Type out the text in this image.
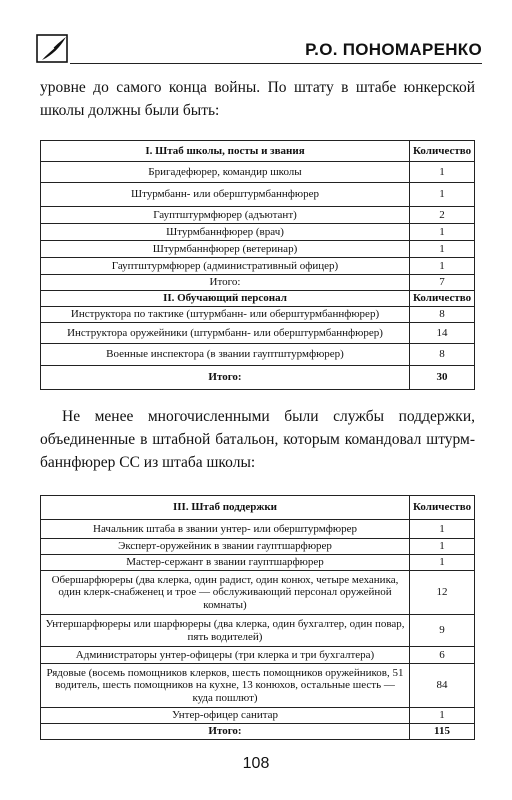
Р.О. ПОНОМАРЕНКО

уровне до самого конца войны. По штату в штабе юнкерской
школы должны были быть:

I. Штаб школы, посты и звания	Количество
Бригадефюрер, командир школы	1
Штурмбанн- или оберштурмбаннфюрер	1
Гауптштурмфюрер (адъютант)	2
Штурмбаннфюрер (врач)	1
Штурмбаннфюрер (ветеринар)	1
Гауптштурмфюрер (административный офицер)	1
Итого:	7
II. Обучающий персонал	Количество
Инструктора по тактике (штурмбанн- или оберштурмбаннфюрер)	8
Инструктора оружейники (штурмбанн- или оберштурмбаннфюрер)	14
Военные инспектора (в звании гауптштурмфюрер)	8
Итого:	30

Не менее многочисленными были службы поддержки,
объединенные в штабной батальон, которым командовал штурм-
баннфюрер СС из штаба школы:

III. Штаб поддержки	Количество
Начальник штаба в звании унтер- или оберштурмфюрер	1
Эксперт-оружейник в звании гауптшарфюрер	1
Мастер-сержант в звании гауптшарфюрер	1
Обершарфюреры (два клерка, один радист, один конюх, четыре механика, один клерк-снабженец и трое — обслуживающий персонал оружейной комнаты)	12
Унтершарфюреры или шарфюреры (два клерка, один бухгалтер, один повар, пять водителей)	9
Администраторы унтер-офицеры (три клерка и три бухгалтера)	6
Рядовые (восемь помощников клерков, шесть помощников оружейников, 51 водитель, шесть помощников на кухне, 13 конюхов, остальные шесть — куда пошлют)	84
Унтер-офицер санитар	1
Итого:	115
108
